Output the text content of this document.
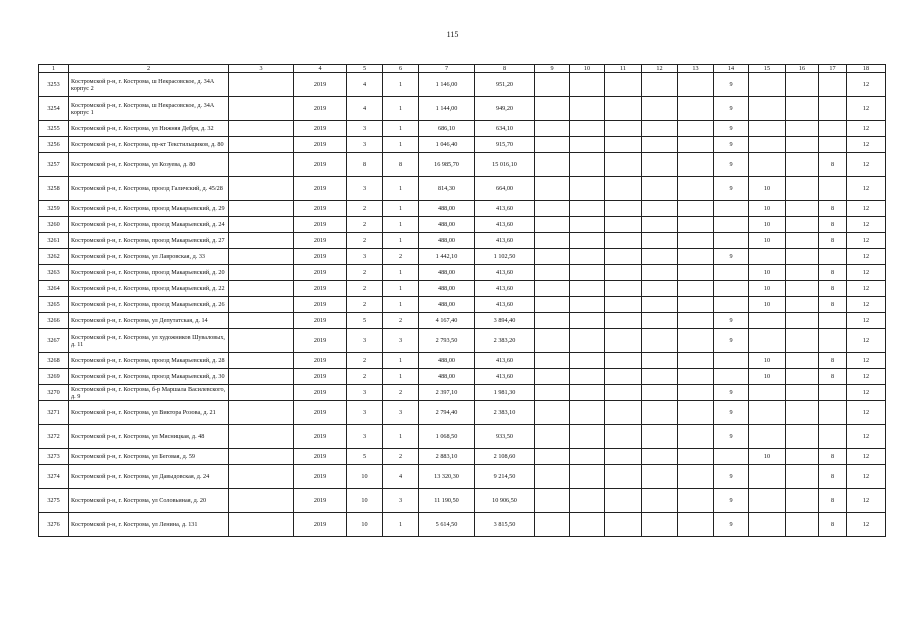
115
1	2	3	4	5	6	7	8	9	10	11	12	13	14	15	16	17	18
3253	Костромской р-н, г. Кострома, ш Некрасовское, д. 34А корпус 2		2019	4	1	1 146,00	951,20						9				12
3254	Костромской р-н, г. Кострома, ш Некрасовское, д. 34А корпус 1		2019	4	1	1 144,00	949,20						9				12
3255	Костромской р-н, г. Кострома, ул Нижняя Дебря, д. 32		2019	3	1	686,10	634,10						9				12
3256	Костромской р-н, г. Кострома, пр-кт Текстильщиков, д. 80		2019	3	1	1 046,40	915,70						9				12
3257	Костромской р-н, г. Кострома, ул Козуева, д. 80		2019	8	8	16 985,70	15 016,10						9			8	12
3258	Костромской р-н, г. Кострома, проезд Галичский, д. 45/28		2019	3	1	814,30	664,00						9	10			12
3259	Костромской р-н, г. Кострома, проезд Макарьевский, д. 29		2019	2	1	488,00	413,60							10		8	12
3260	Костромской р-н, г. Кострома, проезд Макарьевский, д. 24		2019	2	1	488,00	413,60							10		8	12
3261	Костромской р-н, г. Кострома, проезд Макарьевский, д. 27		2019	2	1	488,00	413,60							10		8	12
3262	Костромской р-н, г. Кострома, ул Лавровская, д. 33		2019	3	2	1 442,10	1 102,50						9				12
3263	Костромской р-н, г. Кострома, проезд Макарьевский, д. 20		2019	2	1	488,00	413,60							10		8	12
3264	Костромской р-н, г. Кострома, проезд Макарьевский, д. 22		2019	2	1	488,00	413,60							10		8	12
3265	Костромской р-н, г. Кострома, проезд Макарьевский, д. 26		2019	2	1	488,00	413,60							10		8	12
3266	Костромской р-н, г. Кострома, ул Депутатская, д. 14		2019	5	2	4 167,40	3 894,40						9				12
3267	Костромской р-н, г. Кострома, ул художников Шуваловых, д. 11		2019	3	3	2 793,50	2 383,20						9				12
3268	Костромской р-н, г. Кострома, проезд Макарьевский, д. 28		2019	2	1	488,00	413,60							10		8	12
3269	Костромской р-н, г. Кострома, проезд Макарьевский, д. 30		2019	2	1	488,00	413,60							10		8	12
3270	Костромской р-н, г. Кострома, б-р Маршала Василевского, д. 9		2019	3	2	2 397,10	1 981,30						9				12
3271	Костромской р-н, г. Кострома, ул Виктора Розова, д. 21		2019	3	3	2 794,40	2 383,10						9				12
3272	Костромской р-н, г. Кострома, ул Мясницкая, д. 48		2019	3	1	1 068,50	933,50						9				12
3273	Костромской р-н, г. Кострома, ул Беговая, д. 59		2019	5	2	2 883,10	2 108,60							10		8	12
3274	Костромской р-н, г. Кострома, ул Давыдовская, д. 24		2019	10	4	13 320,30	9 214,50						9			8	12
3275	Костромской р-н, г. Кострома, ул Соловьиная, д. 20		2019	10	3	11 190,50	10 906,50						9			8	12
3276	Костромской р-н, г. Кострома, ул Ленина, д. 131		2019	10	1	5 614,50	3 815,50						9			8	12
